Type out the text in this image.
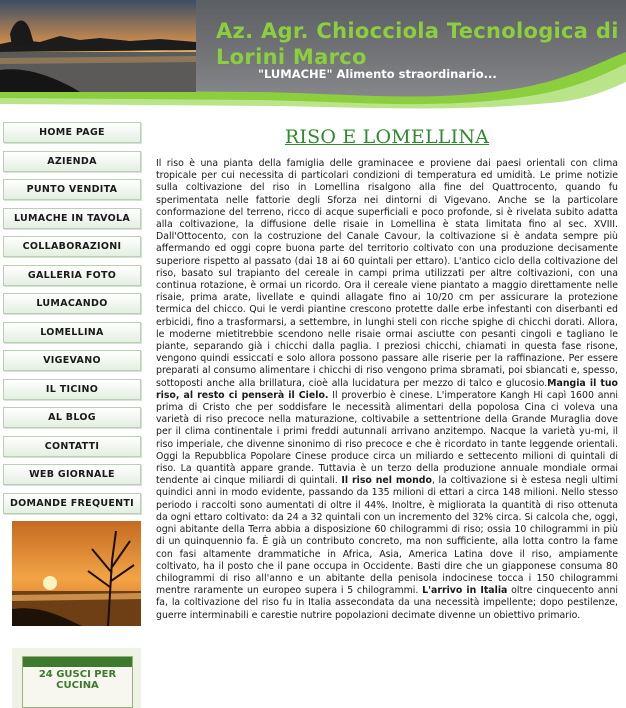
Az. Agr. Chiocciola Tecnologica di Lorini Marco
"LUMACHE" Alimento straordinario...
HOME PAGE
AZIENDA
PUNTO VENDITA
LUMACHE IN TAVOLA
COLLABORAZIONI
GALLERIA FOTO
LUMACANDO
LOMELLINA
VIGEVANO
IL TICINO
AL BLOG
CONTATTI
WEB GIORNALE
DOMANDE FREQUENTI
24 GUSCI PER CUCINA
RISO E LOMELLINA

Il riso è una pianta della famiglia delle graminacee e proviene dai paesi orientali con clima tropicale per cui necessita di particolari condizioni di temperatura ed umidità. Le prime notizie sulla coltivazione del riso in Lomellina risalgono alla fine del Quattrocento, quando fu sperimentata nelle fattorie degli Sforza nei dintorni di Vigevano. Anche se la particolare conformazione del terreno, ricco di acque superficiali e poco profonde, si è rivelata subito adatta alla coltivazione, la diffusione delle risaie in Lomellina è stata limitata fino al sec. XVIII. Dall'Ottocento, con la costruzione del Canale Cavour, la coltivazione si è andata sempre più affermando ed oggi copre buona parte del territorio coltivato con una produzione decisamente superiore rispetto al passato (dai 18 ai 60 quintali per ettaro). L'antico ciclo della coltivazione del riso, basato sul trapianto del cereale in campi prima utilizzati per altre coltivazioni, con una continua rotazione, è ormai un ricordo. Ora il cereale viene piantato a maggio direttamente nelle risaie, prima arate, livellate e quindi allagate fino ai 10/20 cm per assicurare la protezione termica del chicco. Qui le verdi piantine crescono protette dalle erbe infestanti con diserbanti ed erbicidi, fino a trasformarsi, a settembre, in lunghi steli con ricche spighe di chicchi dorati. Allora, le moderne mietitrebbie scendono nelle risaie ormai asciutte con pesanti cingoli e tagliano le piante, separando già i chicchi dalla paglia. I preziosi chicchi, chiamati in questa fase risone, vengono quindi essiccati e solo allora possono passare alle riserie per la raffinazione. Per essere preparati al consumo alimentare i chicchi di riso vengono prima sbramati, poi sbiancati e, spesso, sottoposti anche alla brillatura, cioè alla lucidatura per mezzo di talco e glucosio.Mangia il tuo riso, al resto ci penserà il Cielo. Il proverbio è cinese. L'imperatore Kangh Hi capì 1600 anni prima di Cristo che per soddisfare le necessità alimentari della popolosa Cina ci voleva una varietà di riso precoce nella maturazione, coltivabile a settentrione della Grande Muraglia dove per il clima continentale i primi freddi autunnali arrivano anzitempo. Nacque la varietà yu-mi, il riso imperiale, che divenne sinonimo di riso precoce e che è ricordato in tante leggende orientali. Oggi la Repubblica Popolare Cinese produce circa un miliardo e settecento milioni di quintali di riso. La quantità appare grande. Tuttavia è un terzo della produzione annuale mondiale ormai tendente ai cinque miliardi di quintali. Il riso nel mondo, la coltivazione si è estesa negli ultimi quindici anni in modo evidente, passando da 135 milioni di ettari a circa 148 milioni. Nello stesso periodo i raccolti sono aumentati di oltre il 44%. Inoltre, è migliorata la quantità di riso ottenuta da ogni ettaro coltivato: da 24 a 32 quintali con un incremento del 32% circa. Si calcola che, oggi, ogni abitante della Terra abbia a disposizione 60 chilogrammi di riso; ossia 10 chilogrammi in più di un quinquennio fa. È già un contributo concreto, ma non sufficiente, alla lotta contro la fame con fasi altamente drammatiche in Africa, Asia, America Latina dove il riso, ampiamente coltivato, ha il posto che il pane occupa in Occidente. Basti dire che un giapponese consuma 80 chilogrammi di riso all'anno e un abitante della penisola indocinese tocca i 150 chilogrammi mentre raramente un europeo supera i 5 chilogrammi. L'arrivo in Italia oltre cinquecento anni fa, la coltivazione del riso fu in Italia assecondata da una necessità impellente; dopo pestilenze, guerre interminabili e carestie nutrire popolazioni decimate divenne un obiettivo primario.
